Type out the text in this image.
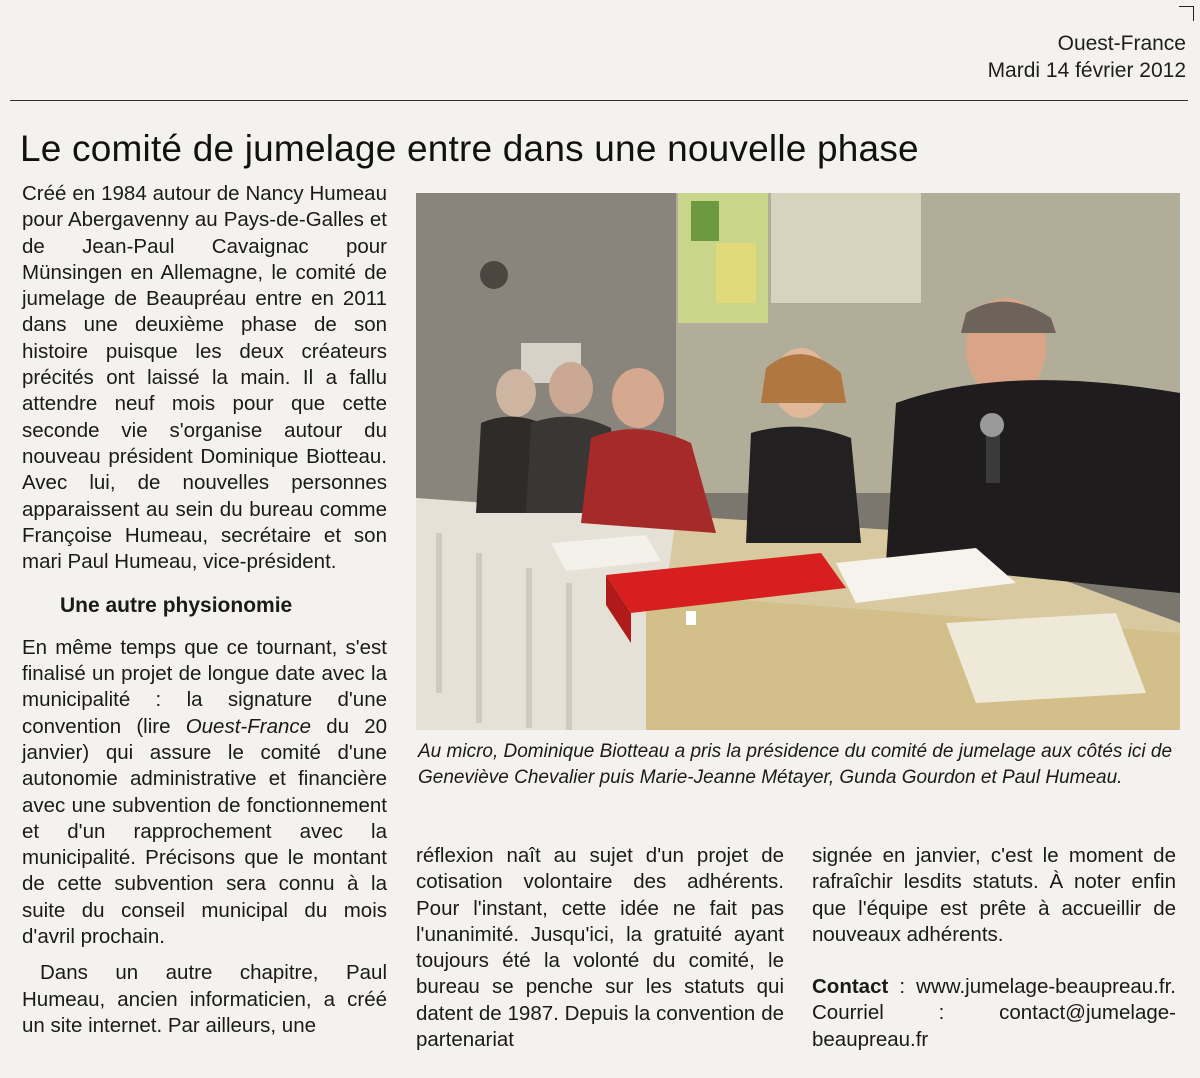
Ouest-France
Mardi 14 février 2012
Le comité de jumelage entre dans une nouvelle phase

Créé en 1984 autour de Nancy Humeau pour Abergavenny au Pays-de-Galles et de Jean-Paul Cavaignac pour Münsingen en Allemagne, le comité de jumelage de Beaupréau entre en 2011 dans une deuxième phase de son histoire puisque les deux créateurs précités ont laissé la main. Il a fallu attendre neuf mois pour que cette seconde vie s'organise autour du nouveau président Dominique Biotteau. Avec lui, de nouvelles personnes apparaissent au sein du bureau comme Françoise Humeau, secrétaire et son mari Paul Humeau, vice-président.

Une autre physionomie

En même temps que ce tournant, s'est finalisé un projet de longue date avec la municipalité : la signature d'une convention (lire Ouest-France du 20 janvier) qui assure le comité d'une autonomie administrative et financière avec une subvention de fonctionnement et d'un rapprochement avec la municipalité. Précisons que le montant de cette subvention sera connu à la suite du conseil municipal du mois d'avril prochain.

Dans un autre chapitre, Paul Humeau, ancien informaticien, a créé un site internet. Par ailleurs, une

Au micro, Dominique Biotteau a pris la présidence du comité de jumelage aux côtés ici de Geneviève Chevalier puis Marie-Jeanne Métayer, Gunda Gourdon et Paul Humeau.

réflexion naît au sujet d'un projet de cotisation volontaire des adhérents. Pour l'instant, cette idée ne fait pas l'unanimité. Jusqu'ici, la gratuité ayant toujours été la volonté du comité, le bureau se penche sur les statuts qui datent de 1987. Depuis la convention de partenariat

signée en janvier, c'est le moment de rafraîchir lesdits statuts. À noter enfin que l'équipe est prête à accueillir de nouveaux adhérents.

Contact : www.jumelage-beaupreau.fr. Courriel : contact@jumelage-beaupreau.fr
